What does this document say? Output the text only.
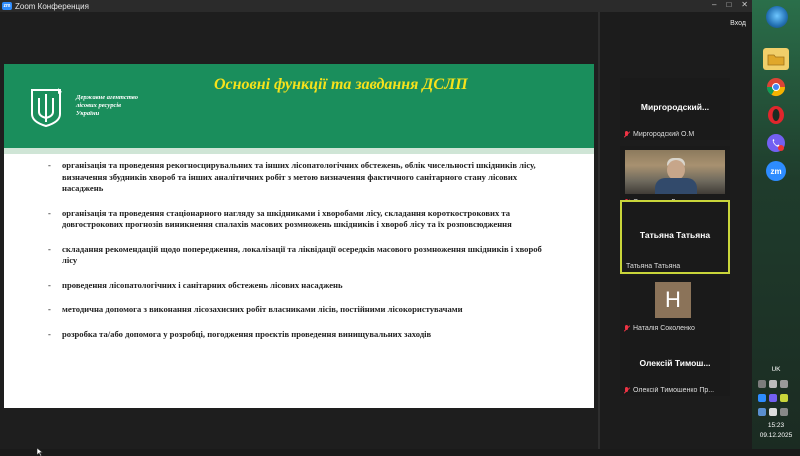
zm Zoom Конференция	– □ ✕
Державне агентство
лісових ресурсів
України
Основні функції та завдання ДСЛП
- організація та проведення рекогносцирувальних та інших лісопатологічних обстежень, облік чисельності шкідників лісу, визначення збудників хвороб та інших аналітичних робіт з метою визначення фактичного санітарного стану лісових насаджень
- організація та проведення стаціонарного нагляду за шкідниками і хворобами лісу, складання короткострокових та довгострокових прогнозів виникнення спалахів масових розмножень шкідників і хвороб лісу та їх розповсюдження
- складання рекомендацій щодо попередження, локалізації та ліквідації осередків масового розмноження шкідників і хвороб лісу
- проведення лісопатологічних і санітарних обстежень лісових насаджень
- методична допомога з виконання лісозахисних робіт власниками лісів, постійними лісокористувачами
- розробка та/або допомога у розробці, погодження проєктів проведення винищувальних заходів
Вход
Миргородский...
Миргородский О.М
Татьяна Татьяна
Татьяна Татьяна
Н
Наталія Соколенко
Олексій Тимош...
Олексій Тимошенко Пр...
zm
UK
15:23
09.12.2025
